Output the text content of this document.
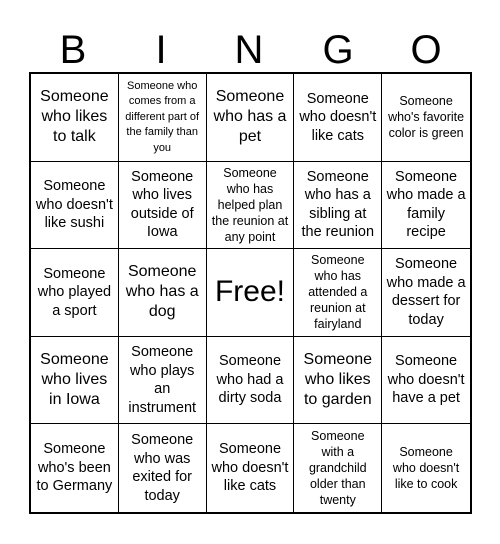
B	I	N	G	O
Someone who likes to talk
Someone who comes from a different part of the family than you
Someone who has a pet
Someone who doesn't like cats
Someone who's favorite color is green
Someone who doesn't like sushi
Someone who lives outside of Iowa
Someone who has helped plan the reunion at any point
Someone who has a sibling at the reunion
Someone who made a family recipe
Someone who played a sport
Someone who has a dog
Free!
Someone who has attended a reunion at fairyland
Someone who made a dessert for today
Someone who lives in Iowa
Someone who plays an instrument
Someone who had a dirty soda
Someone who likes to garden
Someone who doesn't have a pet
Someone who's been to Germany
Someone who was exited for today
Someone who doesn't like cats
Someone with a grandchild older than twenty
Someone who doesn't like to cook
